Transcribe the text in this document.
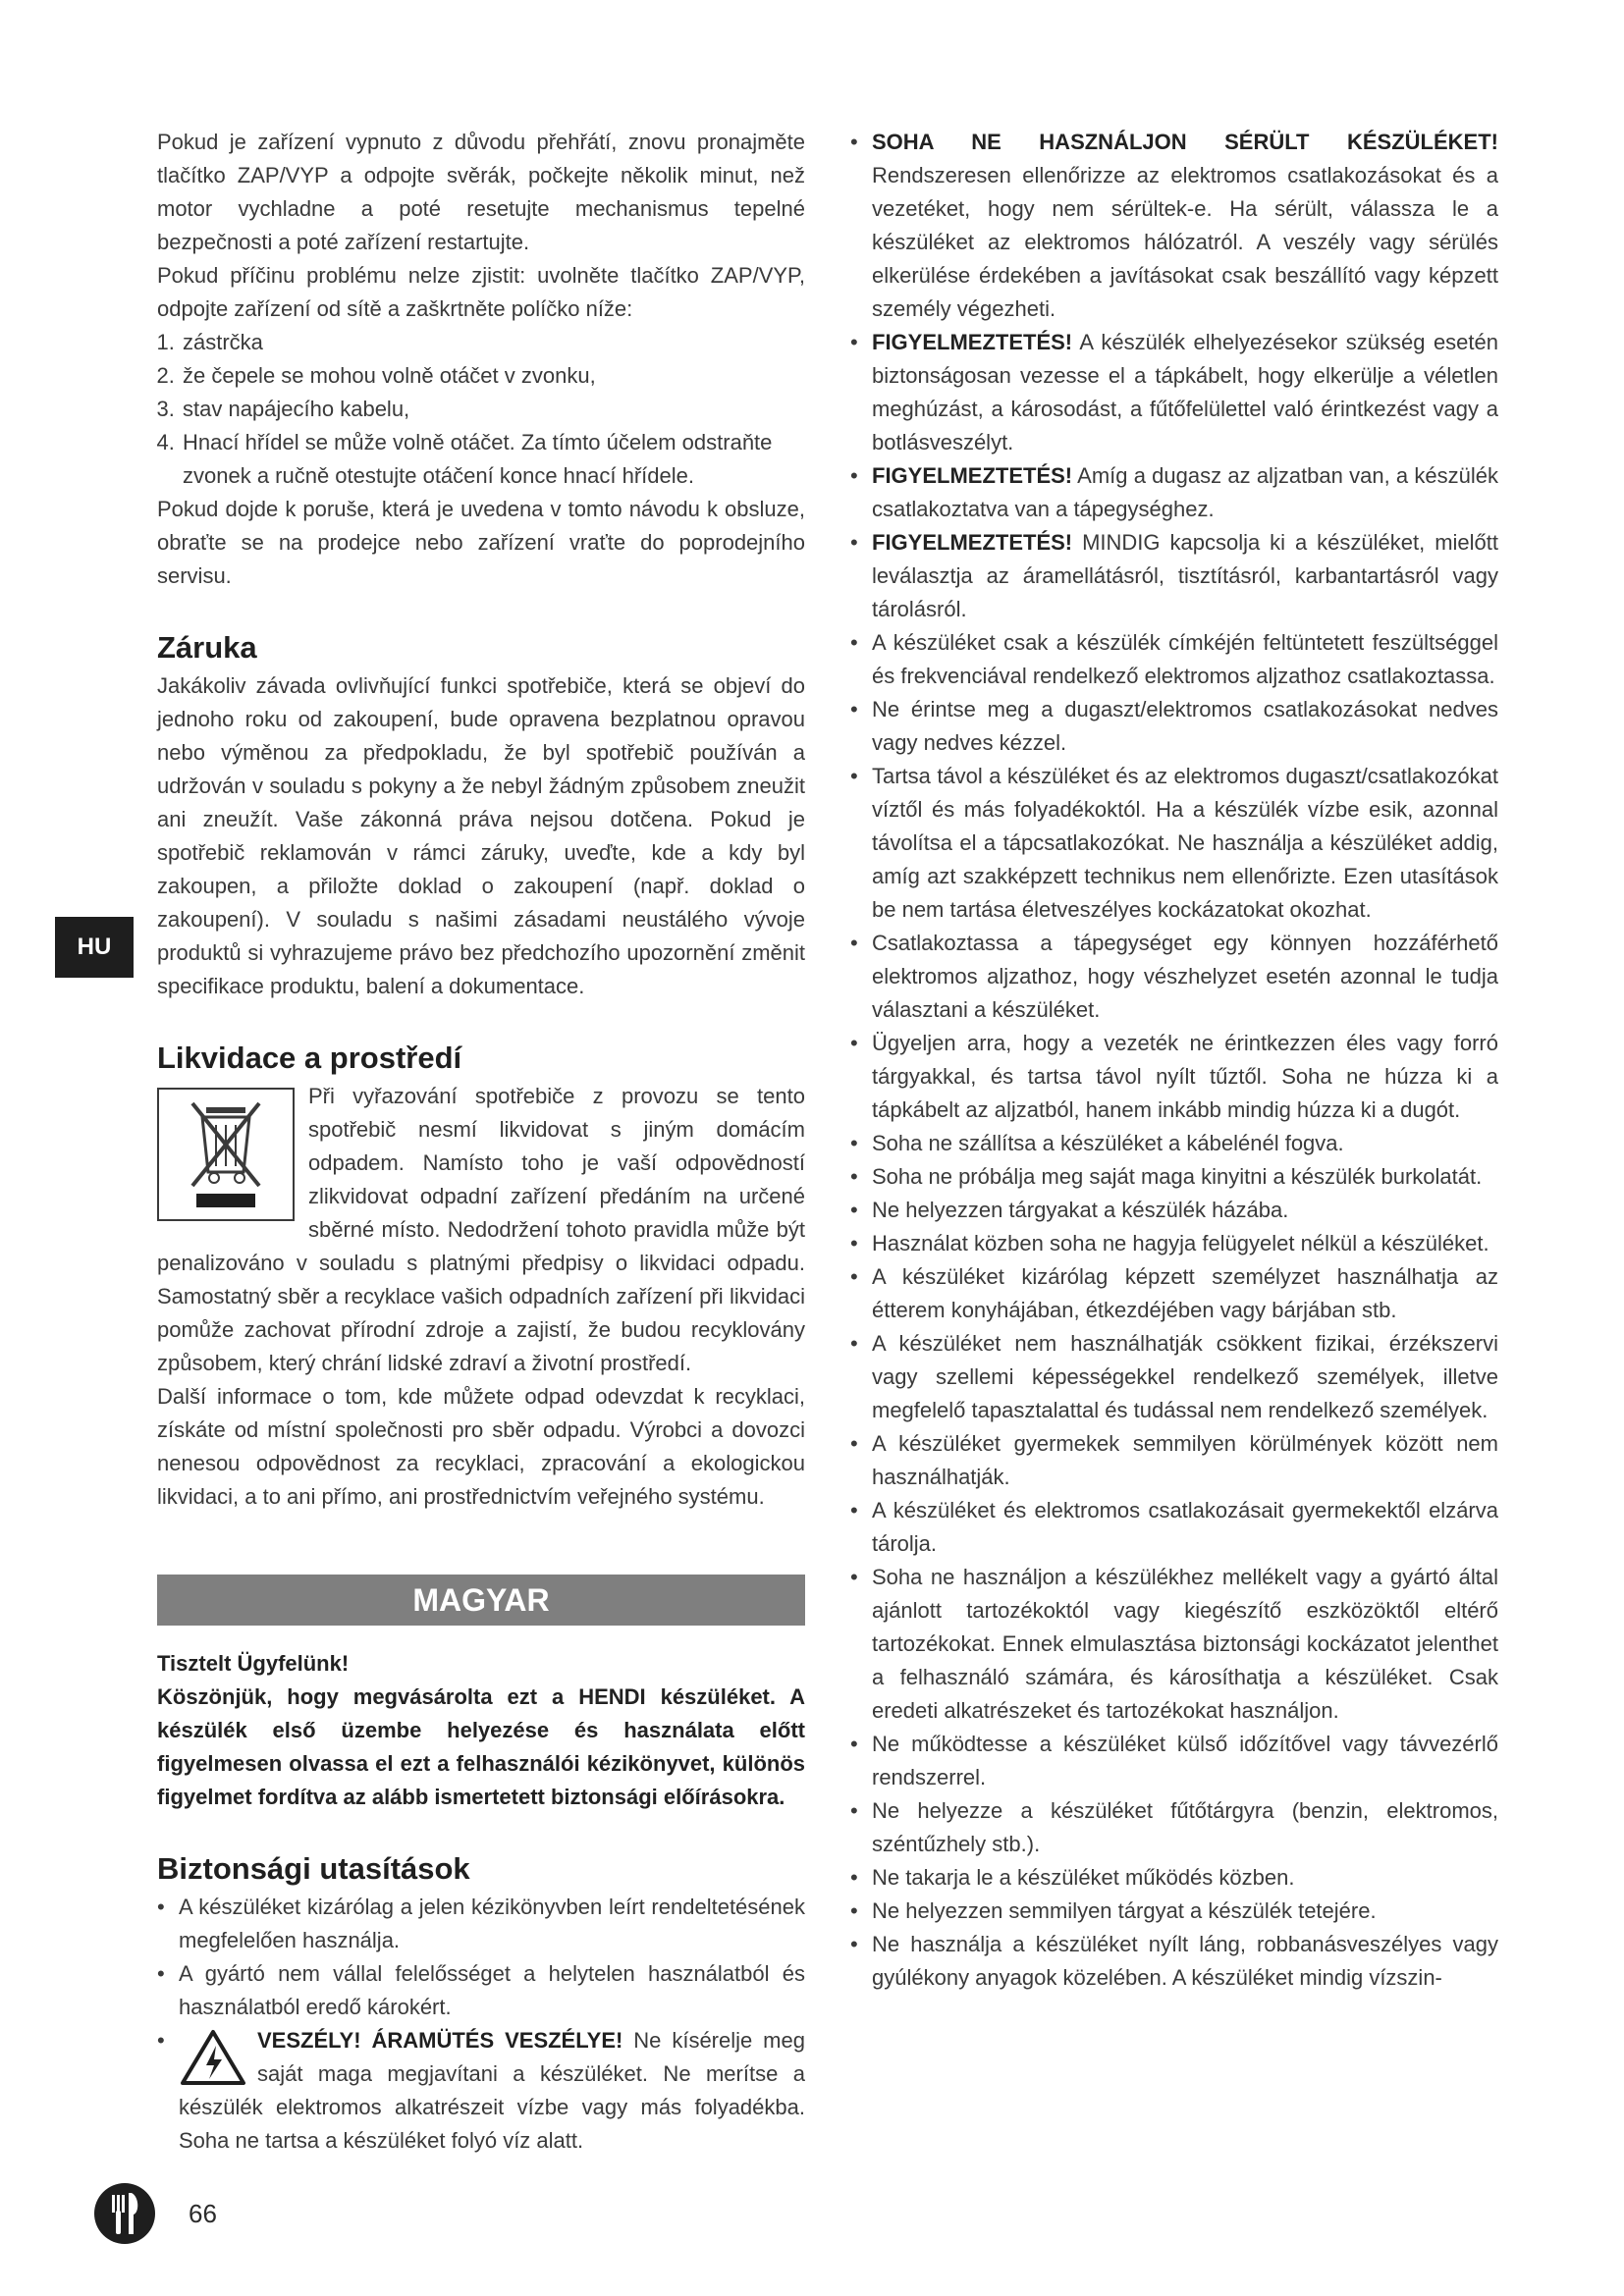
Pokud je zařízení vypnuto z důvodu přehřátí, znovu pronajměte tlačítko ZAP/VYP a odpojte svěrák, počkejte několik minut, než motor vychladne a poté resetujte mechanismus tepelné bezpečnosti a poté zařízení restartujte.

Pokud příčinu problému nelze zjistit: uvolněte tlačítko ZAP/VYP, odpojte zařízení od sítě a zaškrtněte políčko níže:

1. zástrčka
2. že čepele se mohou volně otáčet v zvonku,
3. stav napájecího kabelu,
4. Hnací hřídel se může volně otáčet. Za tímto účelem odstraňte zvonek a ručně otestujte otáčení konce hnací hřídele.

Pokud dojde k poruše, která je uvedena v tomto návodu k obsluze, obraťte se na prodejce nebo zařízení vraťte do poprodejního servisu.

Záruka

Jakákoliv závada ovlivňující funkci spotřebiče, která se objeví do jednoho roku od zakoupení, bude opravena bezplatnou opravou nebo výměnou za předpokladu, že byl spotřebič používán a udržován v souladu s pokyny a že nebyl žádným způsobem zneužit ani zneužít. Vaše zákonná práva nejsou dotčena. Pokud je spotřebič reklamován v rámci záruky, uveďte, kde a kdy byl zakoupen, a přiložte doklad o zakoupení (např. doklad o zakoupení). V souladu s našimi zásadami neustálého vývoje produktů si vyhrazujeme právo bez předchozího upozornění změnit specifikace produktu, balení a dokumentace.

Likvidace a prostředí

Při vyřazování spotřebiče z provozu se tento spotřebič nesmí likvidovat s jiným domácím odpadem. Namísto toho je vaší odpovědností zlikvidovat odpadní zařízení předáním na určené sběrné místo. Nedodržení tohoto pravidla může být penalizováno v souladu s platnými předpisy o likvidaci odpadu. Samostatný sběr a recyklace vašich odpadních zařízení při likvidaci pomůže zachovat přírodní zdroje a zajistí, že budou recyklovány způsobem, který chrání lidské zdraví a životní prostředí.

Další informace o tom, kde můžete odpad odevzdat k recyklaci, získáte od místní společnosti pro sběr odpadu. Výrobci a dovozci nenesou odpovědnost za recyklaci, zpracování a ekologickou likvidaci, a to ani přímo, ani prostřednictvím veřejného systému.

MAGYAR

Tisztelt Ügyfelünk!

Köszönjük, hogy megvásárolta ezt a HENDI készüléket. A készülék első üzembe helyezése és használata előtt figyelmesen olvassa el ezt a felhasználói kézikönyvet, különös figyelmet fordítva az alább ismertetett biztonsági előírásokra.

Biztonsági utasítások
• A készüléket kizárólag a jelen kézikönyvben leírt rendeltetésének megfelelően használja.
• A gyártó nem vállal felelősséget a helytelen használatból és használatból eredő károkért.
• VESZÉLY! ÁRAMÜTÉS VESZÉLYE! Ne kísérelje meg saját maga megjavítani a készüléket. Ne merítse a készülék elektromos alkatrészeit vízbe vagy más folyadékba. Soha ne tartsa a készüléket folyó víz alatt.
• SOHA NE HASZNÁLJON SÉRÜLT KÉSZÜLÉKET! Rendszeresen ellenőrizze az elektromos csatlakozásokat és a vezetéket, hogy nem sérültek-e. Ha sérült, válassza le a készüléket az elektromos hálózatról. A veszély vagy sérülés elkerülése érdekében a javításokat csak beszállító vagy képzett személy végezheti.
• FIGYELMEZTETÉS! A készülék elhelyezésekor szükség esetén biztonságosan vezesse el a tápkábelt, hogy elkerülje a véletlen meghúzást, a károsodást, a fűtőfelülettel való érintkezést vagy a botlásveszélyt.
• FIGYELMEZTETÉS! Amíg a dugasz az aljzatban van, a készülék csatlakoztatva van a tápegységhez.
• FIGYELMEZTETÉS! MINDIG kapcsolja ki a készüléket, mielőtt leválasztja az áramellátásról, tisztításról, karbantartásról vagy tárolásról.
• A készüléket csak a készülék címkéjén feltüntetett feszültséggel és frekvenciával rendelkező elektromos aljzathoz csatlakoztassa.
• Ne érintse meg a dugaszt/elektromos csatlakozásokat nedves vagy nedves kézzel.
• Tartsa távol a készüléket és az elektromos dugaszt/csatlakozókat víztől és más folyadékoktól. Ha a készülék vízbe esik, azonnal távolítsa el a tápcsatlakozókat. Ne használja a készüléket addig, amíg azt szakképzett technikus nem ellenőrizte. Ezen utasítások be nem tartása életveszélyes kockázatokat okozhat.
• Csatlakoztassa a tápegységet egy könnyen hozzáférhető elektromos aljzathoz, hogy vészhelyzet esetén azonnal le tudja választani a készüléket.
• Ügyeljen arra, hogy a vezeték ne érintkezzen éles vagy forró tárgyakkal, és tartsa távol nyílt tűztől. Soha ne húzza ki a tápkábelt az aljzatból, hanem inkább mindig húzza ki a dugót.
• Soha ne szállítsa a készüléket a kábelénél fogva.
• Soha ne próbálja meg saját maga kinyitni a készülék burkolatát.
• Ne helyezzen tárgyakat a készülék házába.
• Használat közben soha ne hagyja felügyelet nélkül a készüléket.
• A készüléket kizárólag képzett személyzet használhatja az étterem konyhájában, étkezdéjében vagy bárjában stb.
• A készüléket nem használhatják csökkent fizikai, érzékszervi vagy szellemi képességekkel rendelkező személyek, illetve megfelelő tapasztalattal és tudással nem rendelkező személyek.
• A készüléket gyermekek semmilyen körülmények között nem használhatják.
• A készüléket és elektromos csatlakozásait gyermekektől elzárva tárolja.
• Soha ne használjon a készülékhez mellékelt vagy a gyártó által ajánlott tartozékoktól vagy kiegészítő eszközöktől eltérő tartozékokat. Ennek elmulasztása biztonsági kockázatot jelenthet a felhasználó számára, és károsíthatja a készüléket. Csak eredeti alkatrészeket és tartozékokat használjon.
• Ne működtesse a készüléket külső időzítővel vagy távvezérlő rendszerrel.
• Ne helyezze a készüléket fűtőtárgyra (benzin, elektromos, széntűzhely stb.).
• Ne takarja le a készüléket működés közben.
• Ne helyezzen semmilyen tárgyat a készülék tetejére.
• Ne használja a készüléket nyílt láng, robbanásveszélyes vagy gyúlékony anyagok közelében. A készüléket mindig vízszin-
HU
66
